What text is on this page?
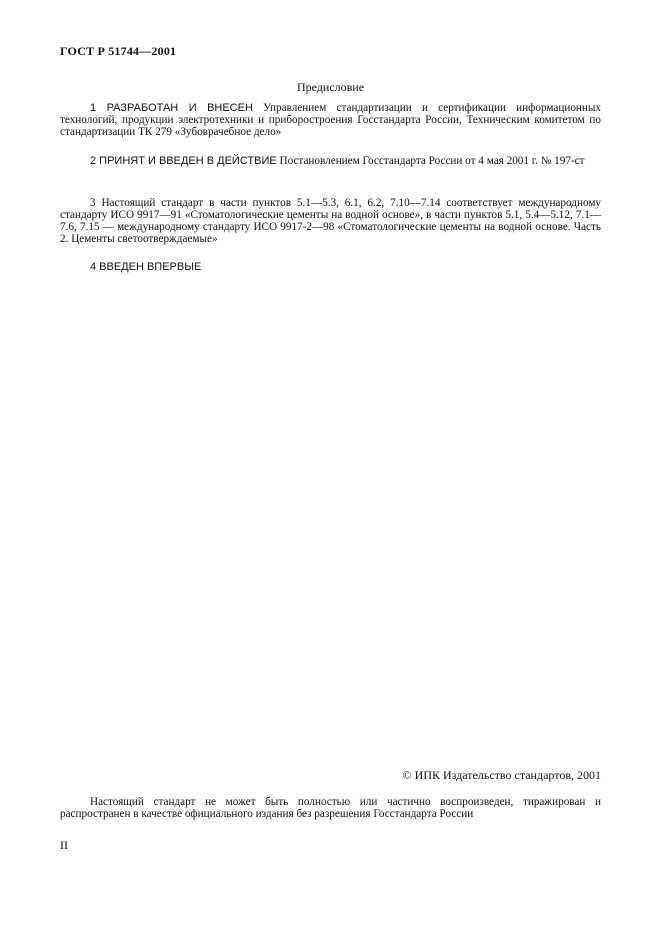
ГОСТ Р 51744—2001
Предисловие
1 РАЗРАБОТАН И ВНЕСЕН Управлением стандартизации и сертификации информационных технологий, продукции электротехники и приборостроения Госстандарта России, Техническим комитетом по стандартизации ТК 279 «Зубоврачебное дело»
2 ПРИНЯТ И ВВЕДЕН В ДЕЙСТВИЕ Постановлением Госстандарта России от 4 мая 2001 г. № 197-ст
3 Настоящий стандарт в части пунктов 5.1—5.3, 6.1, 6.2, 7.10—7.14 соответствует международному стандарту ИСО 9917—91 «Стоматологические цементы на водной основе», в части пунктов 5.1, 5.4—5.12, 7.1—7.6, 7.15 — международному стандарту ИСО 9917-2—98 «Стоматологические цементы на водной основе. Часть 2. Цементы светоотверждаемые»
4 ВВЕДЕН ВПЕРВЫЕ
© ИПК Издательство стандартов, 2001
Настоящий стандарт не может быть полностью или частично воспроизведен, тиражирован и распространен в качестве официального издания без разрешения Госстандарта России
II
